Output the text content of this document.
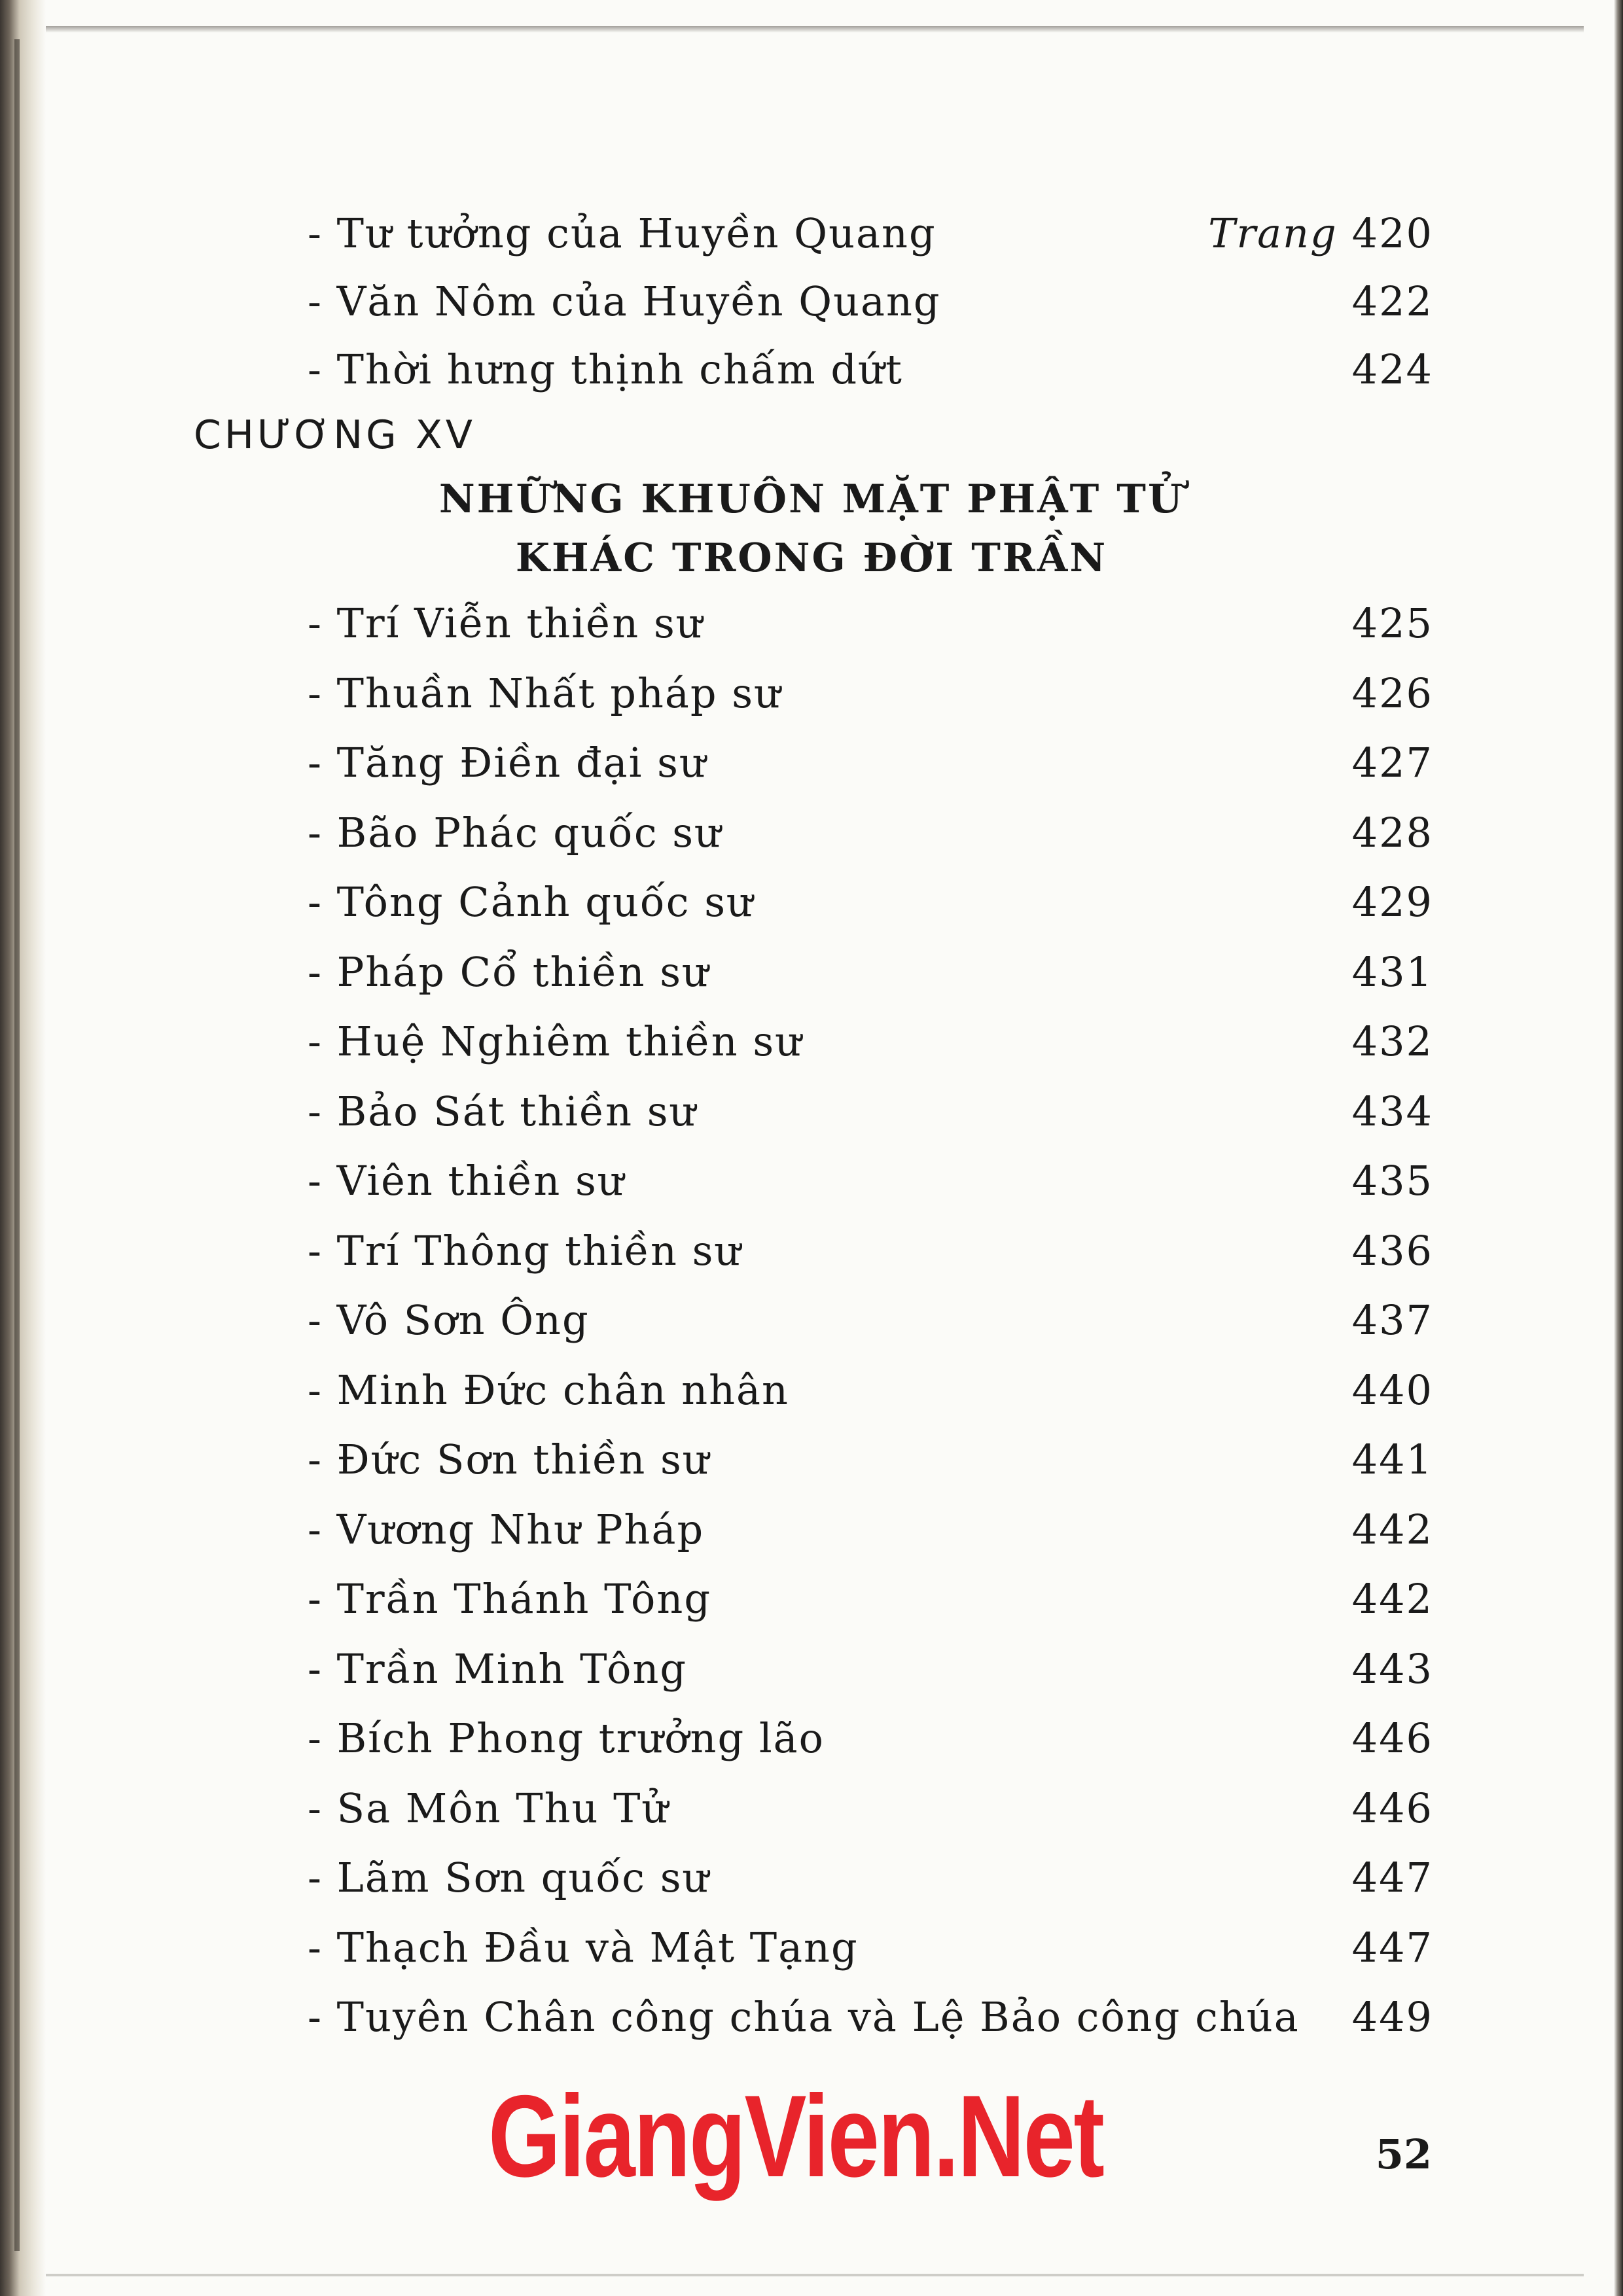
- Tư tưởng của Huyền Quang	Trang 420
- Văn Nôm của Huyền Quang	422
- Thời hưng thịnh chấm dứt	424
CHƯƠNG XV
NHỮNG KHUÔN MẶT PHẬT TỬ
KHÁC TRONG ĐỜI TRẦN
- Trí Viễn thiền sư	425
- Thuần Nhất pháp sư	426
- Tăng Điền đại sư	427
- Bão Phác quốc sư	428
- Tông Cảnh quốc sư	429
- Pháp Cổ thiền sư	431
- Huệ Nghiêm thiền sư	432
- Bảo Sát thiền sư	434
- Viên thiền sư	435
- Trí Thông thiền sư	436
- Vô Sơn Ông	437
- Minh Đức chân nhân	440
- Đức Sơn thiền sư	441
- Vương Như Pháp	442
- Trần Thánh Tông	442
- Trần Minh Tông	443
- Bích Phong trưởng lão	446
- Sa Môn Thu Tử	446
- Lãm Sơn quốc sư	447
- Thạch Đầu và Mật Tạng	447
- Tuyên Chân công chúa và Lệ Bảo công chúa 449
GiangVien.Net	52
